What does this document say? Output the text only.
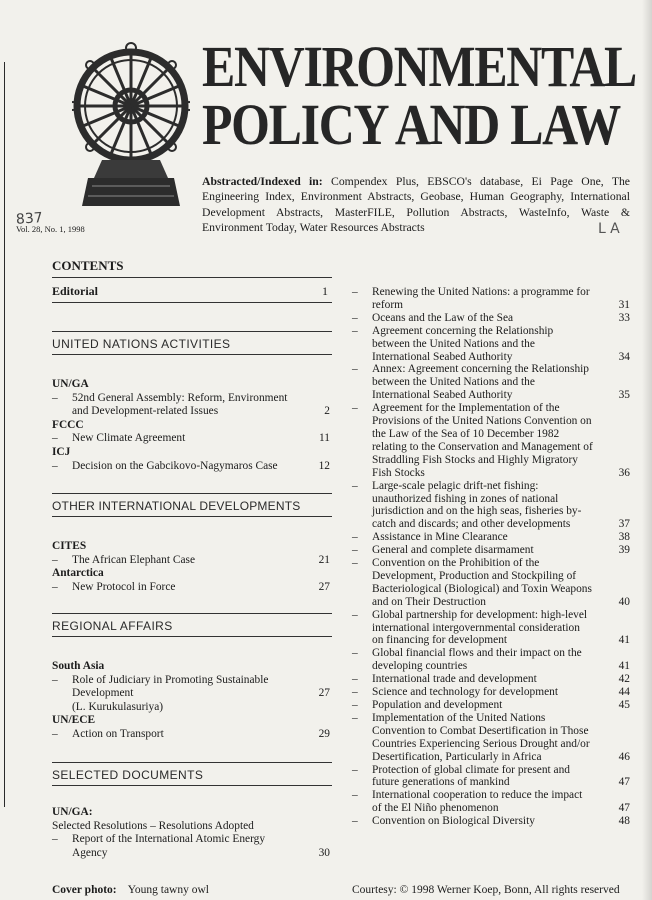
ENVIRONMENTAL
POLICY AND LAW
Abstracted/Indexed in: Compendex Plus, EBSCO's database, Ei Page One, The Engineering Index, Environment Abstracts, Geobase, Human Geography, International Development Abstracts, MasterFILE, Pollution Abstracts, WasteInfo, Waste & Environment Today, Water Resources Abstracts
837
Vol. 28, No. 1, 1998	LA
CONTENTS
Editorial	1
UNITED NATIONS ACTIVITIES
UN/GA
– 52nd General Assembly: Reform, Environment and Development-related Issues	2
FCCC
– New Climate Agreement	11
ICJ
– Decision on the Gabcikovo-Nagymaros Case	12
OTHER INTERNATIONAL DEVELOPMENTS
CITES
– The African Elephant Case	21
Antarctica
– New Protocol in Force	27
REGIONAL AFFAIRS
South Asia
– Role of Judiciary in Promoting Sustainable Development	27
(L. Kurukulasuriya)
UN/ECE
– Action on Transport	29
SELECTED DOCUMENTS
UN/GA:
Selected Resolutions – Resolutions Adopted
– Report of the International Atomic Energy Agency	30
– Renewing the United Nations: a programme for reform	31
– Oceans and the Law of the Sea	33
– Agreement concerning the Relationship between the United Nations and the International Seabed Authority	34
– Annex: Agreement concerning the Relationship between the United Nations and the International Seabed Authority	35
– Agreement for the Implementation of the Provisions of the United Nations Convention on the Law of the Sea of 10 December 1982 relating to the Conservation and Management of Straddling Fish Stocks and Highly Migratory Fish Stocks	36
– Large-scale pelagic drift-net fishing: unauthorized fishing in zones of national jurisdiction and on the high seas, fisheries by-catch and discards; and other developments	37
– Assistance in Mine Clearance	38
– General and complete disarmament	39
– Convention on the Prohibition of the Development, Production and Stockpiling of Bacteriological (Biological) and Toxin Weapons and on Their Destruction	40
– Global partnership for development: high-level international intergovernmental consideration on financing for development	41
– Global financial flows and their impact on the developing countries	41
– International trade and development	42
– Science and technology for development	44
– Population and development	45
– Implementation of the United Nations Convention to Combat Desertification in Those Countries Experiencing Serious Drought and/or Desertification, Particularly in Africa	46
– Protection of global climate for present and future generations of mankind	47
– International cooperation to reduce the impact of the El Niño phenomenon	47
– Convention on Biological Diversity	48
Cover photo: Young tawny owl	Courtesy: © 1998 Werner Koep, Bonn, All rights reserved
